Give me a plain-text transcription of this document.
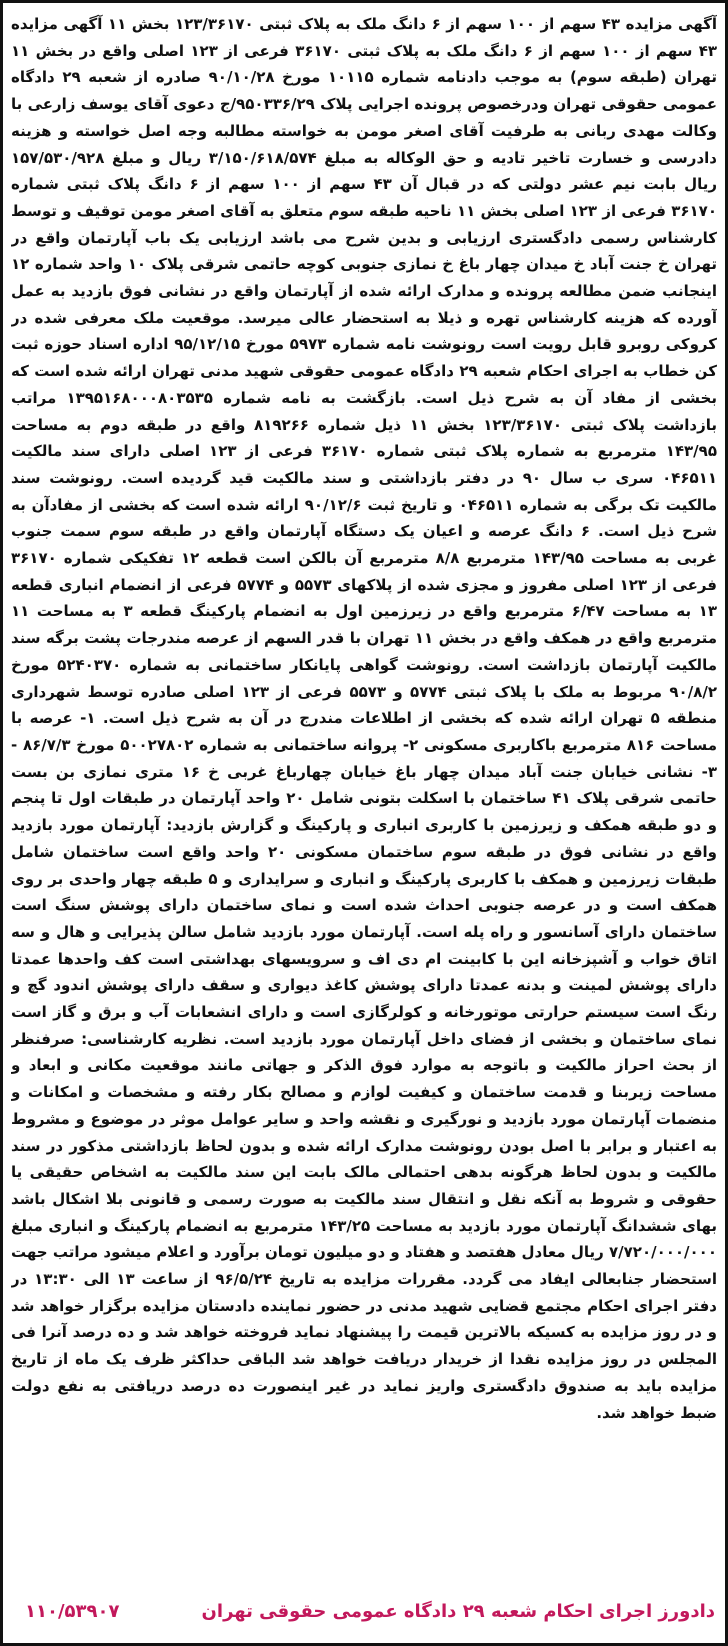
آگهی مزایده ۴۳ سهم از ۱۰۰ سهم از ۶ دانگ ملک به پلاک ثبتی ۱۲۳/۳۶۱۷۰ بخش ۱۱ آگهی مزایده ۴۳ سهم از ۱۰۰ سهم از ۶ دانگ ملک به پلاک ثبتی ۳۶۱۷۰ فرعی از ۱۲۳ اصلی واقع در بخش ۱۱ تهران (طبقه سوم) به موجب دادنامه شماره ۱۰۱۱۵ مورخ ۹۰/۱۰/۲۸ صادره از شعبه ۲۹ دادگاه عمومی حقوقی تهران ودرخصوص پرونده اجرایی پلاک ۹۵۰۳۳۶/۲۹/ج دعوی آقای یوسف زارعی با وکالت مهدی ربانی به طرفیت آقای اصغر مومن به خواسته مطالبه وجه اصل خواسته و هزینه دادرسی و خسارت تاخیر تادیه و حق الوکاله به مبلغ ۳/۱۵۰/۶۱۸/۵۷۴ ریال و مبلغ ۱۵۷/۵۳۰/۹۲۸ ریال بابت نیم عشر دولتی که در قبال آن ۴۳ سهم از ۱۰۰ سهم از ۶ دانگ پلاک ثبتی شماره ۳۶۱۷۰ فرعی از ۱۲۳ اصلی بخش ۱۱ ناحیه طبقه سوم متعلق به آقای اصغر مومن توقیف و توسط کارشناس رسمی دادگستری ارزیابی و بدین شرح می باشد ارزیابی یک باب آپارتمان واقع در تهران خ جنت آباد خ میدان چهار باغ خ نمازی جنوبی کوچه حاتمی شرقی پلاک ۱۰ واحد شماره ۱۲ اینجانب ضمن مطالعه پرونده و مدارک ارائه شده از آپارتمان واقع در نشانی فوق بازدید به عمل آورده که هزینه کارشناس تهره و ذیلا به استحضار عالی میرسد. موقعیت ملک معرفی شده در کروکی روبرو قابل رویت است رونوشت نامه شماره ۵۹۷۳ مورخ ۹۵/۱۲/۱۵ اداره اسناد حوزه ثبت کن خطاب به اجرای احکام شعبه ۲۹ دادگاه عمومی حقوقی شهید مدنی تهران ارائه شده است که بخشی از مفاد آن به شرح ذیل است. بازگشت به نامه شماره ۱۳۹۵۱۶۸۰۰۰۸۰۳۵۳۵ مراتب بازداشت پلاک ثبتی ۱۲۳/۳۶۱۷۰ بخش ۱۱ ذیل شماره ۸۱۹۲۶۶ واقع در طبقه دوم به مساحت ۱۴۳/۹۵ مترمربع به شماره پلاک ثبتی شماره ۳۶۱۷۰ فرعی از ۱۲۳ اصلی دارای سند مالکیت ۰۴۶۵۱۱ سری ب سال ۹۰ در دفتر بازداشتی و سند مالکیت قید گردیده است. رونوشت سند مالکیت تک برگی به شماره ۰۴۶۵۱۱ و تاریخ ثبت ۹۰/۱۲/۶ ارائه شده است که بخشی از مفادآن به شرح ذیل است. ۶ دانگ عرصه و اعیان یک دستگاه آپارتمان واقع در طبقه سوم سمت جنوب غربی به مساحت ۱۴۳/۹۵ مترمربع ۸/۸ مترمربع آن بالکن است قطعه ۱۲ تفکیکی شماره ۳۶۱۷۰ فرعی از ۱۲۳ اصلی مفروز و مجزی شده از پلاکهای ۵۵۷۳ و ۵۷۷۴ فرعی از انضمام انباری قطعه ۱۳ به مساحت ۶/۴۷ مترمربع واقع در زیرزمین اول به انضمام پارکینگ قطعه ۳ به مساحت ۱۱ مترمربع واقع در همکف واقع در بخش ۱۱ تهران با قدر السهم از عرصه مندرجات پشت برگه سند مالکیت آپارتمان بازداشت است. رونوشت گواهی پایانکار ساختمانی به شماره ۵۲۴۰۳۷۰ مورخ ۹۰/۸/۲ مربوط به ملک با پلاک ثبتی ۵۷۷۴ و ۵۵۷۳ فرعی از ۱۲۳ اصلی صادره توسط شهرداری منطقه ۵ تهران ارائه شده که بخشی از اطلاعات مندرج در آن به شرح ذیل است. ۱- عرصه با مساحت ۸۱۶ مترمربع باکاربری مسکونی ۲- پروانه ساختمانی به شماره ۵۰۰۲۷۸۰۲ مورخ ۸۶/۷/۳ - ۳- نشانی خیابان جنت آباد میدان چهار باغ خیابان چهارباغ غربی خ ۱۶ متری نمازی بن بست حاتمی شرقی پلاک ۴۱ ساختمان با اسکلت بتونی شامل ۲۰ واحد آپارتمان در طبقات اول تا پنجم و دو طبقه همکف و زیرزمین با کاربری انباری و پارکینگ و گزارش بازدید: آپارتمان مورد بازدید واقع در نشانی فوق در طبقه سوم ساختمان مسکونی ۲۰ واحد واقع است ساختمان شامل طبقات زیرزمین و همکف با کاربری پارکینگ و انباری و سرایداری و ۵ طبقه چهار واحدی بر روی همکف است و در عرصه جنوبی احداث شده است و نمای ساختمان دارای پوشش سنگ است ساختمان دارای آسانسور و راه پله است. آپارتمان مورد بازدید شامل سالن پذیرایی و هال و سه اتاق خواب و آشپزخانه این با کابینت ام دی اف و سرویسهای بهداشتی است کف واحدها عمدتا دارای پوشش لمینت و بدنه عمدتا دارای پوشش کاغذ دیواری و سقف دارای پوشش اندود گچ و رنگ است سیستم حرارتی موتورخانه و کولرگازی است و دارای انشعابات آب و برق و گاز است نمای ساختمان و بخشی از فضای داخل آپارتمان مورد بازدید است. نظریه کارشناسی: صرفنظر از بحث احراز مالکیت و باتوجه به موارد فوق الذکر و جهاتی مانند موقعیت مکانی و ابعاد و مساحت زیربنا و قدمت ساختمان و کیفیت لوازم و مصالح بکار رفته و مشخصات و امکانات و منضمات آپارتمان مورد بازدید و نورگیری و نقشه واحد و سایر عوامل موثر در موضوع و مشروط به اعتبار و برابر با اصل بودن رونوشت مدارک ارائه شده و بدون لحاظ بازداشتی مذکور در سند مالکیت و بدون لحاظ هرگونه بدهی احتمالی مالک بابت این سند مالکیت به اشخاص حقیقی یا حقوقی و شروط به آنکه نقل و انتقال سند مالکیت به صورت رسمی و قانونی بلا اشکال باشد بهای ششدانگ آپارتمان مورد بازدید به مساحت ۱۴۳/۲۵ مترمربع به انضمام پارکینگ و انباری مبلغ ۷/۷۲۰/۰۰۰/۰۰۰ ریال معادل هفتصد و هفتاد و دو میلیون تومان برآورد و اعلام میشود مراتب جهت استحضار جنابعالی ایفاد می گردد. مقررات مزایده به تاریخ ۹۶/۵/۲۴ از ساعت ۱۳ الی ۱۳:۳۰ در دفتر اجرای احکام مجتمع قضایی شهید مدنی در حضور نماینده دادستان مزایده برگزار خواهد شد و در روز مزایده به کسیکه بالاترین قیمت را پیشنهاد نماید فروخته خواهد شد و ده درصد آنرا فی المجلس در روز مزایده نقدا از خریدار دریافت خواهد شد الباقی حداکثر ظرف یک ماه از تاریخ مزایده باید به صندوق دادگستری واریز نماید در غیر اینصورت ده درصد دریافتی به نفع دولت ضبط خواهد شد.
دادورز اجرای احکام شعبه ۲۹ دادگاه عمومی حقوقی تهران
۱۱۰/۵۳۹۰۷
